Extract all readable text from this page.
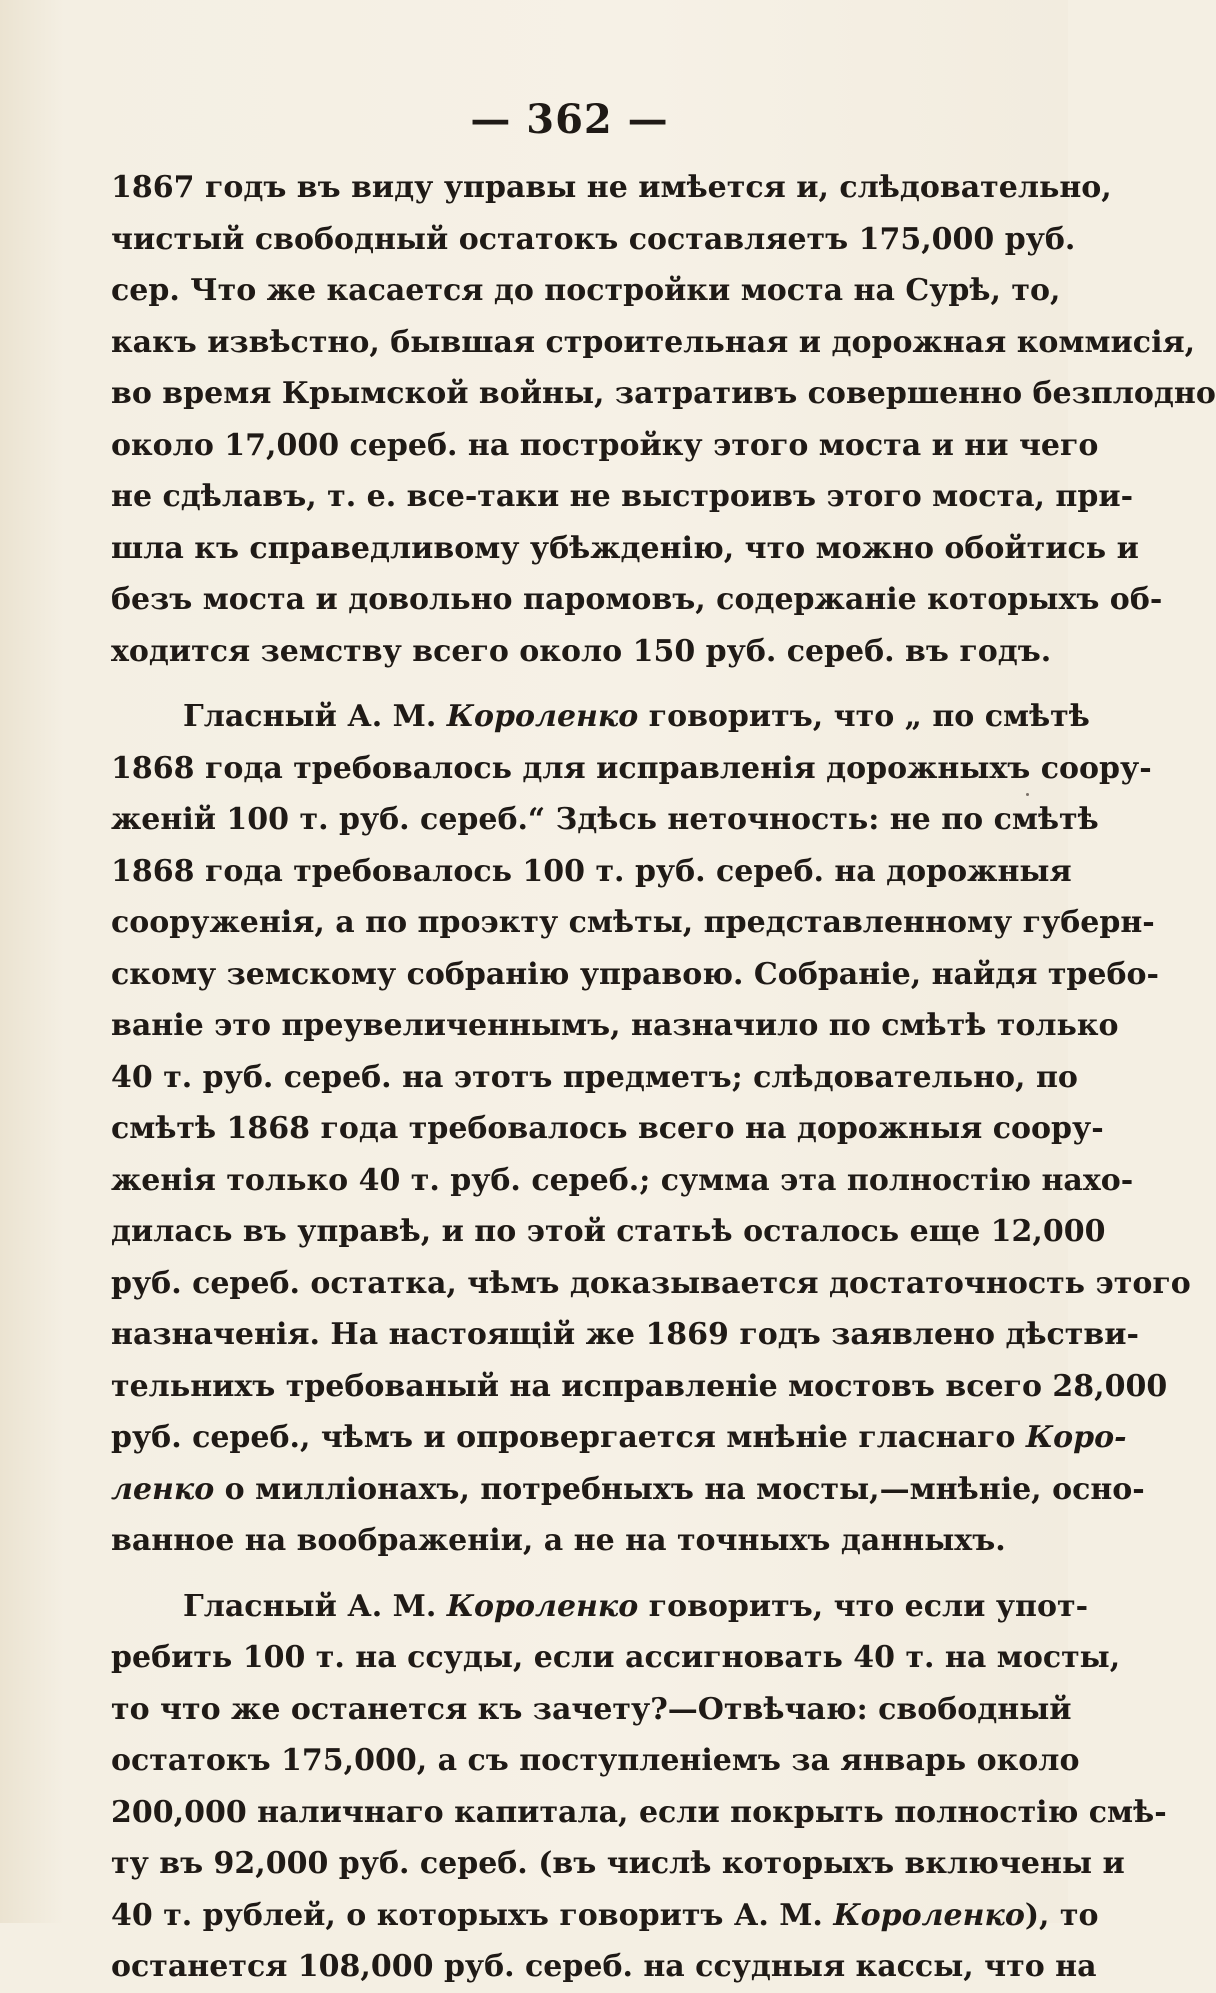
— 362 —
1867 годъ въ виду управы не имѣется и, слѣдовательно,
чистый свободный остатокъ составляетъ 175,000 руб.
сер. Что же касается до постройки моста на Сурѣ, то,
какъ извѣстно, бывшая строительная и дорожная коммисія,
во время Крымской войны, затративъ совершенно безплодно
около 17,000 сереб. на постройку этого моста и ни чего
не сдѣлавъ, т. е. все-таки не выстроивъ этого моста, при-
шла къ справедливому убѣжденію, что можно обойтись и
безъ моста и довольно паромовъ, содержаніе которыхъ об-
ходится земству всего около 150 руб. сереб. въ годъ.
Гласный А. М. Короленко говоритъ, что „ по смѣтѣ
1868 года требовалось для исправленія дорожныхъ соору-
женій 100 т. руб. сереб.“ Здѣсь неточность: не по смѣтѣ
1868 года требовалось 100 т. руб. сереб. на дорожныя
сооруженія, а по проэкту смѣты, представленному губерн-
скому земскому собранію управою. Собраніе, найдя требо-
ваніе это преувеличеннымъ, назначило по смѣтѣ только
40 т. руб. сереб. на этотъ предметъ; слѣдовательно, по
смѣтѣ 1868 года требовалось всего на дорожныя соору-
женія только 40 т. руб. сереб.; сумма эта полностію нахо-
дилась въ управѣ, и по этой статьѣ осталось еще 12,000
руб. сереб. остатка, чѣмъ доказывается достаточность этого
назначенія. На настоящій же 1869 годъ заявлено дѣстви-
тельнихъ требованый на исправленіе мостовъ всего 28,000
руб. сереб., чѣмъ и опровергается мнѣніе гласнаго Коро-
ленко о милліонахъ, потребныхъ на мосты,—мнѣніе, осно-
ванное на воображеніи, а не на точныхъ данныхъ.
Гласный А. М. Короленко говоритъ, что если упот-
ребить 100 т. на ссуды, если ассигновать 40 т. на мосты,
то что же останется къ зачету?—Отвѣчаю: свободный
остатокъ 175,000, а съ поступленіемъ за январь около
200,000 наличнаго капитала, если покрыть полностію смѣ-
ту въ 92,000 руб. сереб. (въ числѣ которыхъ включены и
40 т. рублей, о которыхъ говоритъ А. М. Короленко), то
останется 108,000 руб. сереб. на ссудныя кассы, что на
